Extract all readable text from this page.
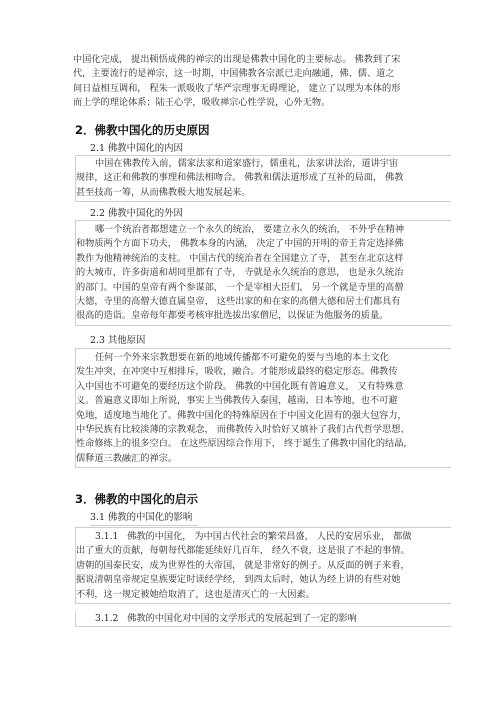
中国化完成， 提出顿悟成佛的禅宗的出现是佛教中国化的主要标志。 佛教到了宋
代，主要流行的是禅宗，这一时期，中国佛教各宗派已走向融通，佛、儒、道之
间日益相互调和， 程朱一派吸收了华严宗理事无碍理论， 建立了以理为本体的形
而上学的理论体系；陆王心学，吸收禅宗心性学说，心外无物。
2．佛教中国化的历史原因
2.1 佛教中国化的内因
中国在佛教传入前，儒家法家和道家盛行，儒重礼，法家讲法治，道讲宇宙
规律，这正和佛教的事理和佛法相吻合。 佛教和儒法道形成了互补的局面， 佛教
甚至技高一筹，从而佛教极大地发展起来。
2.2 佛教中国化的外因
哪一个统治者都想建立一个永久的统治， 要建立永久的统治， 不外乎在精神
和物质两个方面下功夫， 佛教本身的内涵， 决定了中国的开明的帝王肯定选择佛
教作为他精神统治的支柱。 中国古代的统治者在全国建立了寺， 甚至在北京这样
的大城市，许多街道和胡同里都有了寺， 寺就是永久统治的意思， 也是永久统治
的部门。中国的皇帝有两个参谋部， 一个是宰相大臣们， 另一个就是寺里的高僧
大德，寺里的高僧大德直属皇帝， 这些出家的和在家的高僧大德和居士们都具有
很高的造诣。皇帝每年都要考核审批选拔出家僧尼，以保证为他服务的质量。
2.3 其他原因
任何一个外来宗教想要在新的地域传播都不可避免的要与当地的本土文化
发生冲突，在冲突中互相排斥，吸收，融合。才能形成最终的稳定形态。佛教传
入中国也不可避免的要经历这个阶段。 佛教的中国化既有普遍意义， 又有特殊意
义。普遍意义即如上所说，事实上当佛教传入泰国，越南，日本等地，也不可避
免地，适度地当地化了。佛教中国化的特殊原因在于中国文化固有的强大包容力，
中华民族有比较淡薄的宗教观念， 而佛教传入时恰好又填补了我们古代哲学思想、
性命修练上的很多空白。 在这些原因综合作用下， 终于诞生了佛教中国化的结晶，
儒释道三教融汇的禅宗。
3．佛教的中国化的启示
3.1 佛教的中国化的影响
3.1.1 佛教的中国化， 为中国古代社会的繁荣昌盛， 人民的安居乐业， 都做
出了重大的贡献，每朝每代都能延续好几百年， 经久不衰，这是很了不起的事情。
唐朝的国泰民安，成为世界性的大帝国， 就是非常好的例子。从反面的例子来看，
据说清朝皇帝规定皇族要定时读经学经， 到西太后时，她认为经上讲的有些对她
不利，这一规定被她给取消了，这也是清灭亡的一大因素。
3.1.2 佛教的中国化对中国的文学形式的发展起到了一定的影响
